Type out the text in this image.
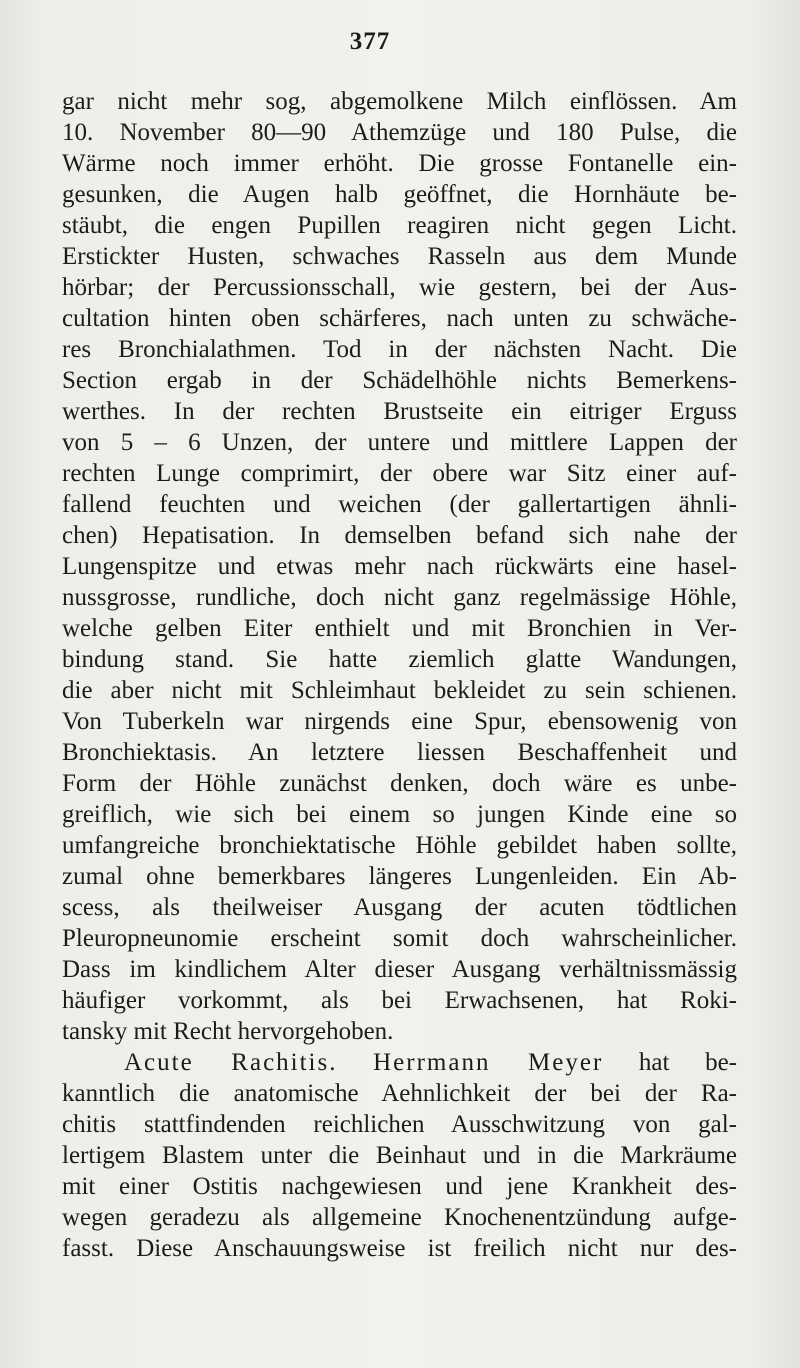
377
gar nicht mehr sog, abgemolkene Milch einflössen. Am
10. November 80—90 Athemzüge und 180 Pulse, die
Wärme noch immer erhöht. Die grosse Fontanelle ein-
gesunken, die Augen halb geöffnet, die Hornhäute be-
stäubt, die engen Pupillen reagiren nicht gegen Licht.
Erstickter Husten, schwaches Rasseln aus dem Munde
hörbar; der Percussionsschall, wie gestern, bei der Aus-
cultation hinten oben schärferes, nach unten zu schwäche-
res Bronchialathmen. Tod in der nächsten Nacht. Die
Section ergab in der Schädelhöhle nichts Bemerkens-
werthes. In der rechten Brustseite ein eitriger Erguss
von 5 – 6 Unzen, der untere und mittlere Lappen der
rechten Lunge comprimirt, der obere war Sitz einer auf-
fallend feuchten und weichen (der gallertartigen ähnli-
chen) Hepatisation. In demselben befand sich nahe der
Lungenspitze und etwas mehr nach rückwärts eine hasel-
nussgrosse, rundliche, doch nicht ganz regelmässige Höhle,
welche gelben Eiter enthielt und mit Bronchien in Ver-
bindung stand. Sie hatte ziemlich glatte Wandungen,
die aber nicht mit Schleimhaut bekleidet zu sein schienen.
Von Tuberkeln war nirgends eine Spur, ebensowenig von
Bronchiektasis. An letztere liessen Beschaffenheit und
Form der Höhle zunächst denken, doch wäre es unbe-
greiflich, wie sich bei einem so jungen Kinde eine so
umfangreiche bronchiektatische Höhle gebildet haben sollte,
zumal ohne bemerkbares längeres Lungenleiden. Ein Ab-
scess, als theilweiser Ausgang der acuten tödtlichen
Pleuropneunomie erscheint somit doch wahrscheinlicher.
Dass im kindlichem Alter dieser Ausgang verhältnissmässig
häufiger vorkommt, als bei Erwachsenen, hat Roki-
tansky mit Recht hervorgehoben.
Acute Rachitis. Herrmann Meyer hat be-
kanntlich die anatomische Aehnlichkeit der bei der Ra-
chitis stattfindenden reichlichen Ausschwitzung von gal-
lertigem Blastem unter die Beinhaut und in die Markräume
mit einer Ostitis nachgewiesen und jene Krankheit des-
wegen geradezu als allgemeine Knochenentzündung aufge-
fasst. Diese Anschauungsweise ist freilich nicht nur des-
